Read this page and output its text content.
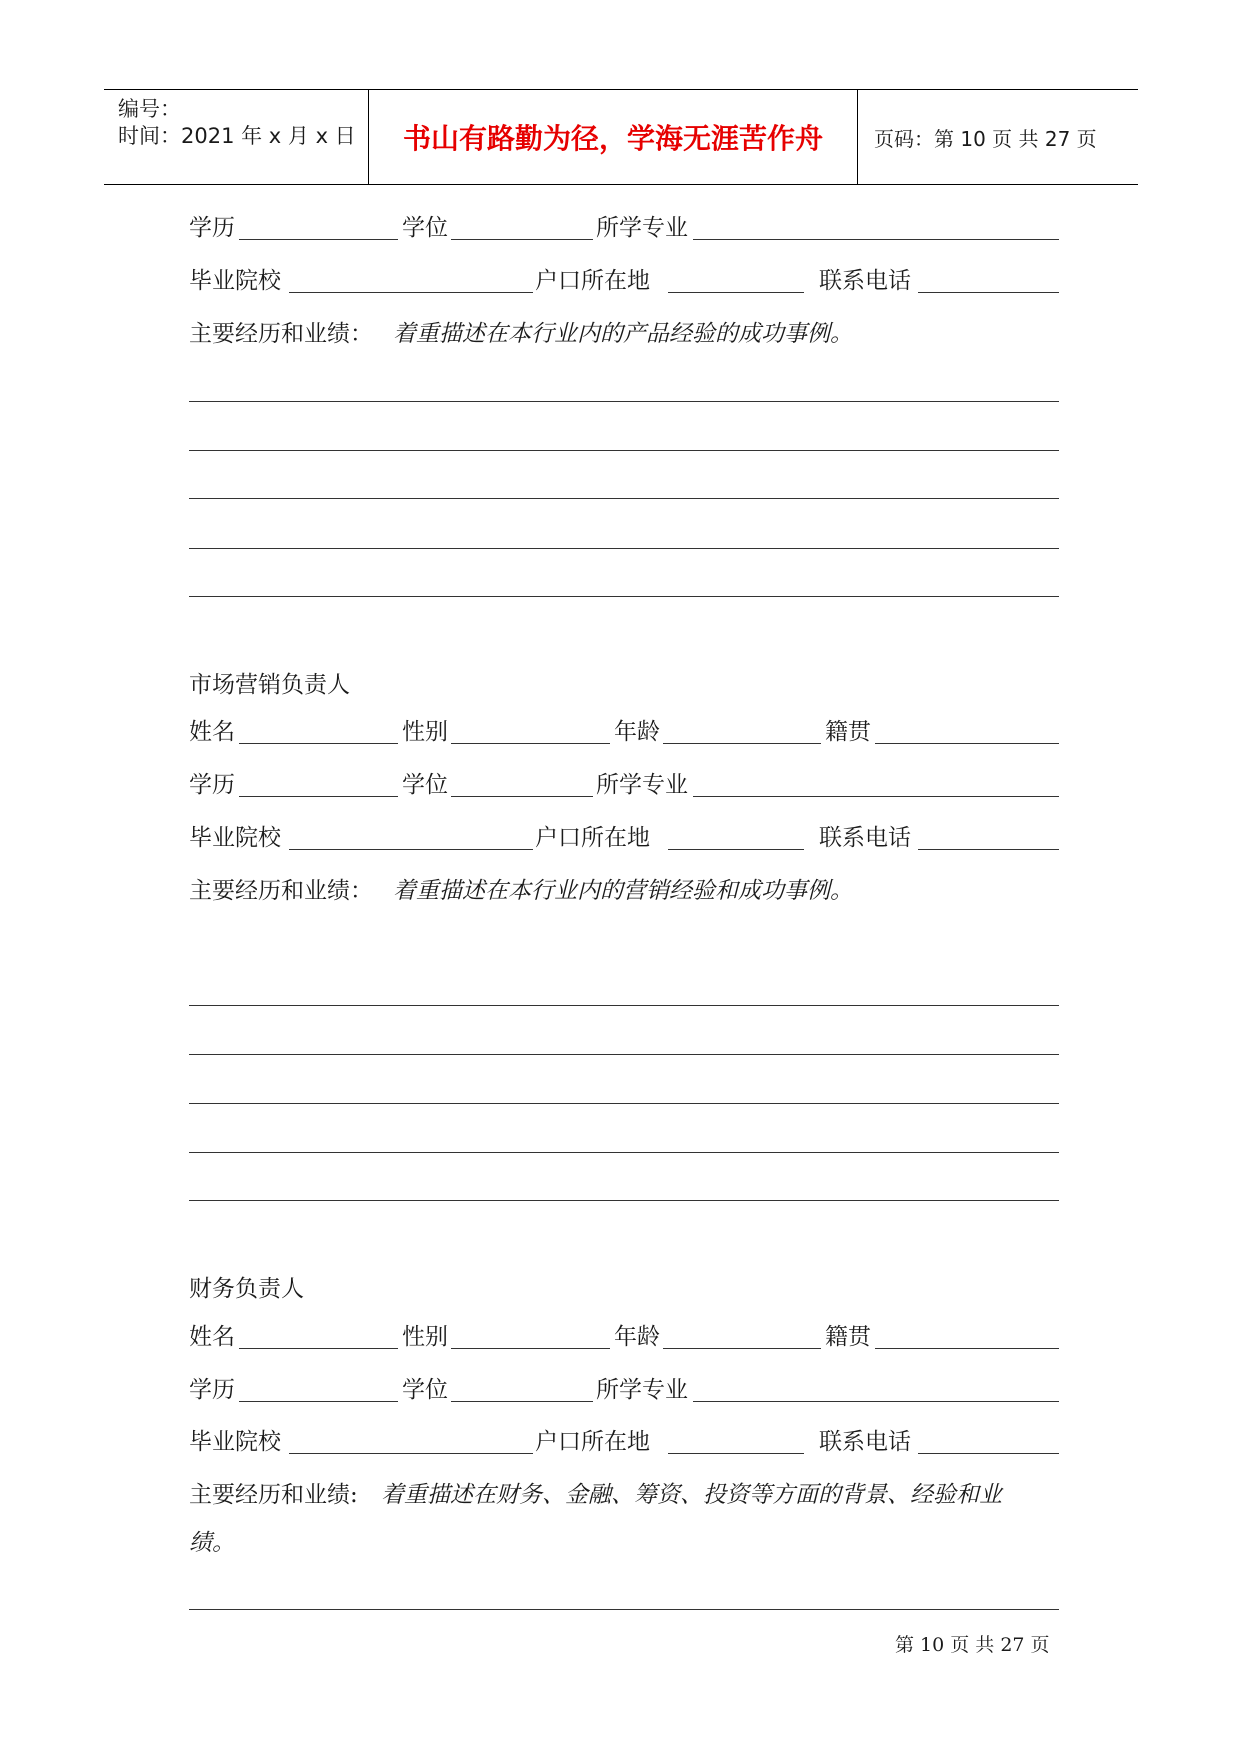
编号：
时间：2021 年 x 月 x 日	书山有路勤为径，学海无涯苦作舟	页码：第 10 页 共 27 页
学历	学位	所学专业
毕业院校	户口所在地	联系电话
主要经历和业绩： 着重描述在本行业内的产品经验的成功事例。
市场营销负责人
姓名	性别	年龄	籍贯
学历	学位	所学专业
毕业院校	户口所在地	联系电话
主要经历和业绩： 着重描述在本行业内的营销经验和成功事例。
财务负责人
姓名	性别	年龄	籍贯
学历	学位	所学专业
毕业院校	户口所在地	联系电话
主要经历和业绩: 着重描述在财务、金融、筹资、投资等方面的背景、经验和业
绩。
第 10 页 共 27 页
